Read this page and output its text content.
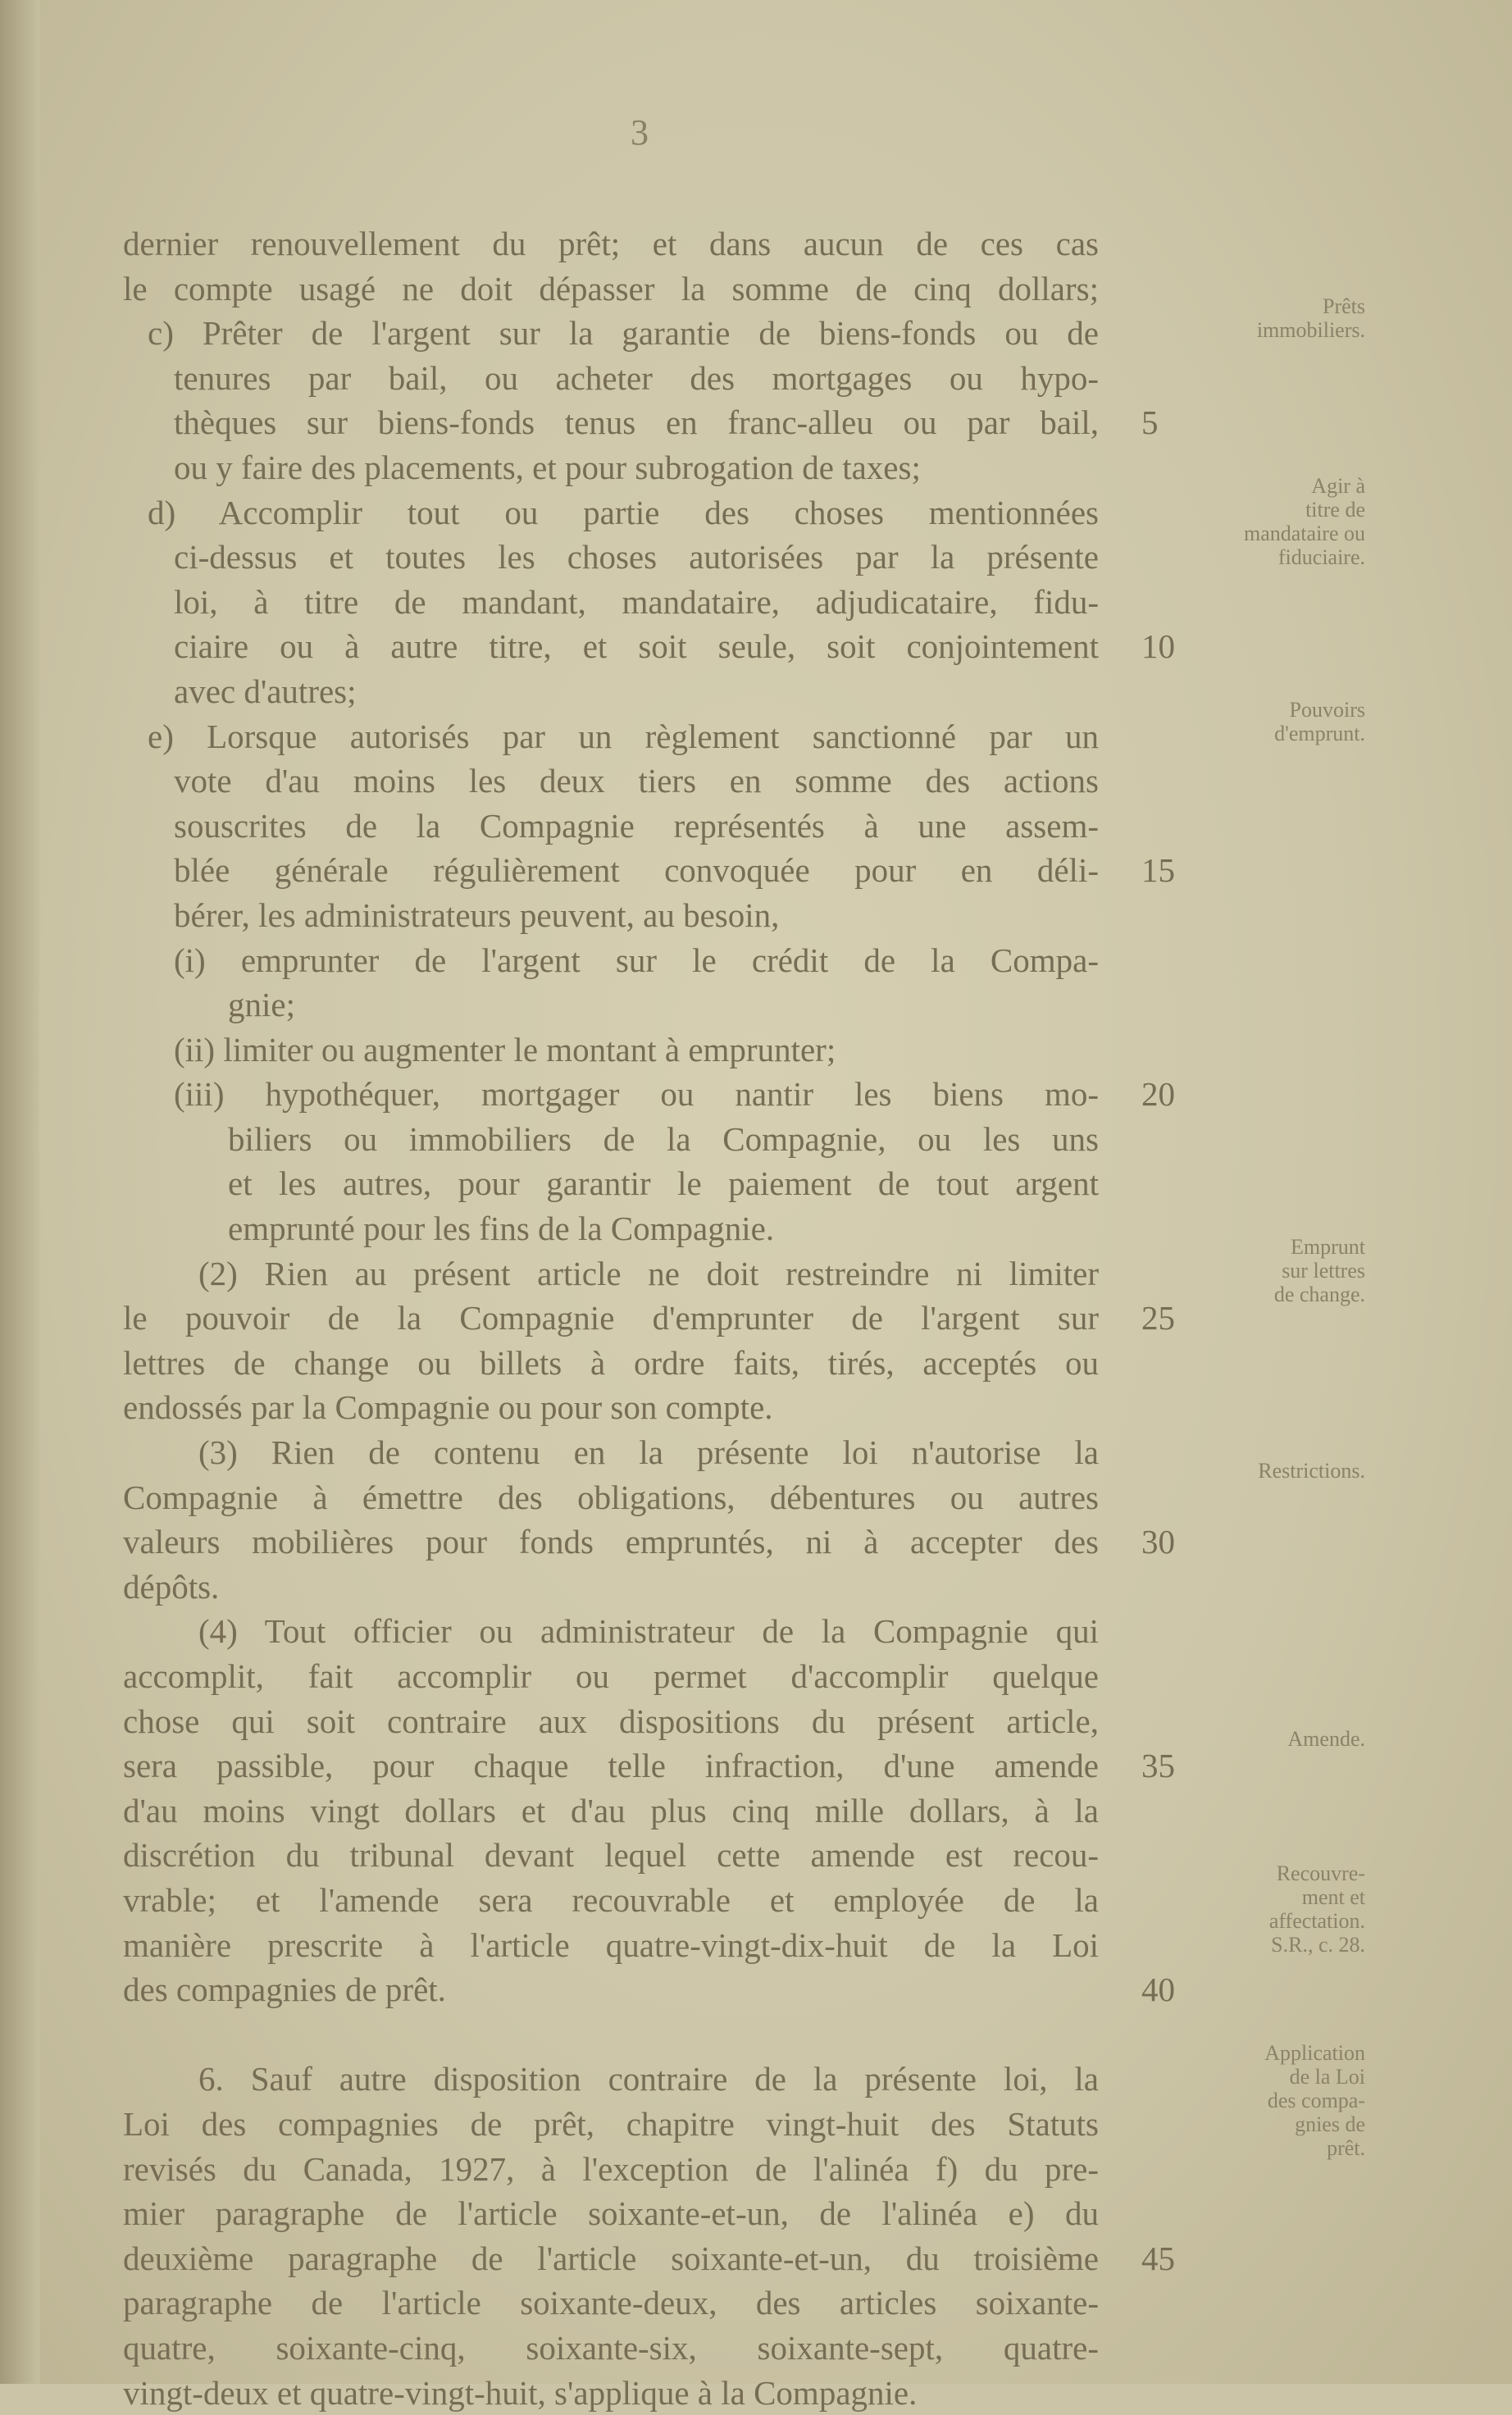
3
dernier renouvellement du prêt; et dans aucun de ces cas
le compte usagé ne doit dépasser la somme de cinq dollars;
c) Prêter de l'argent sur la garantie de biens-fonds ou de
tenures par bail, ou acheter des mortgages ou hypo-
thèques sur biens-fonds tenus en franc-alleu ou par bail, 5
ou y faire des placements, et pour subrogation de taxes;
d) Accomplir tout ou partie des choses mentionnées
ci-dessus et toutes les choses autorisées par la présente
loi, à titre de mandant, mandataire, adjudicataire, fidu-
ciaire ou à autre titre, et soit seule, soit conjointement 10
avec d'autres;
e) Lorsque autorisés par un règlement sanctionné par un
vote d'au moins les deux tiers en somme des actions
souscrites de la Compagnie représentés à une assem-
blée générale régulièrement convoquée pour en déli- 15
bérer, les administrateurs peuvent, au besoin,
(i) emprunter de l'argent sur le crédit de la Compa-
gnie;
(ii) limiter ou augmenter le montant à emprunter;
(iii) hypothéquer, mortgager ou nantir les biens mo- 20
biliers ou immobiliers de la Compagnie, ou les uns
et les autres, pour garantir le paiement de tout argent
emprunté pour les fins de la Compagnie.
(2) Rien au présent article ne doit restreindre ni limiter
le pouvoir de la Compagnie d'emprunter de l'argent sur 25
lettres de change ou billets à ordre faits, tirés, acceptés ou
endossés par la Compagnie ou pour son compte.
(3) Rien de contenu en la présente loi n'autorise la
Compagnie à émettre des obligations, débentures ou autres
valeurs mobilières pour fonds empruntés, ni à accepter des 30
dépôts.
(4) Tout officier ou administrateur de la Compagnie qui
accomplit, fait accomplir ou permet d'accomplir quelque
chose qui soit contraire aux dispositions du présent article,
sera passible, pour chaque telle infraction, d'une amende 35
d'au moins vingt dollars et d'au plus cinq mille dollars, à la
discrétion du tribunal devant lequel cette amende est recou-
vrable; et l'amende sera recouvrable et employée de la
manière prescrite à l'article quatre-vingt-dix-huit de la Loi
des compagnies de prêt.	40
6. Sauf autre disposition contraire de la présente loi, la
Loi des compagnies de prêt, chapitre vingt-huit des Statuts
revisés du Canada, 1927, à l'exception de l'alinéa f) du pre-
mier paragraphe de l'article soixante-et-un, de l'alinéa e) du
deuxième paragraphe de l'article soixante-et-un, du troisième 45
paragraphe de l'article soixante-deux, des articles soixante-
quatre, soixante-cinq, soixante-six, soixante-sept, quatre-
vingt-deux et quatre-vingt-huit, s'applique à la Compagnie.
Prêts
immobiliers.
Agir à
titre de
mandataire ou
fiduciaire.
Pouvoirs
d'emprunt.
Emprunt
sur lettres
de change.
Restrictions.
Amende.
Recouvre-
ment et
affectation.
S.R., c. 28.
Application
de la Loi
des compa-
gnies de
prêt.
